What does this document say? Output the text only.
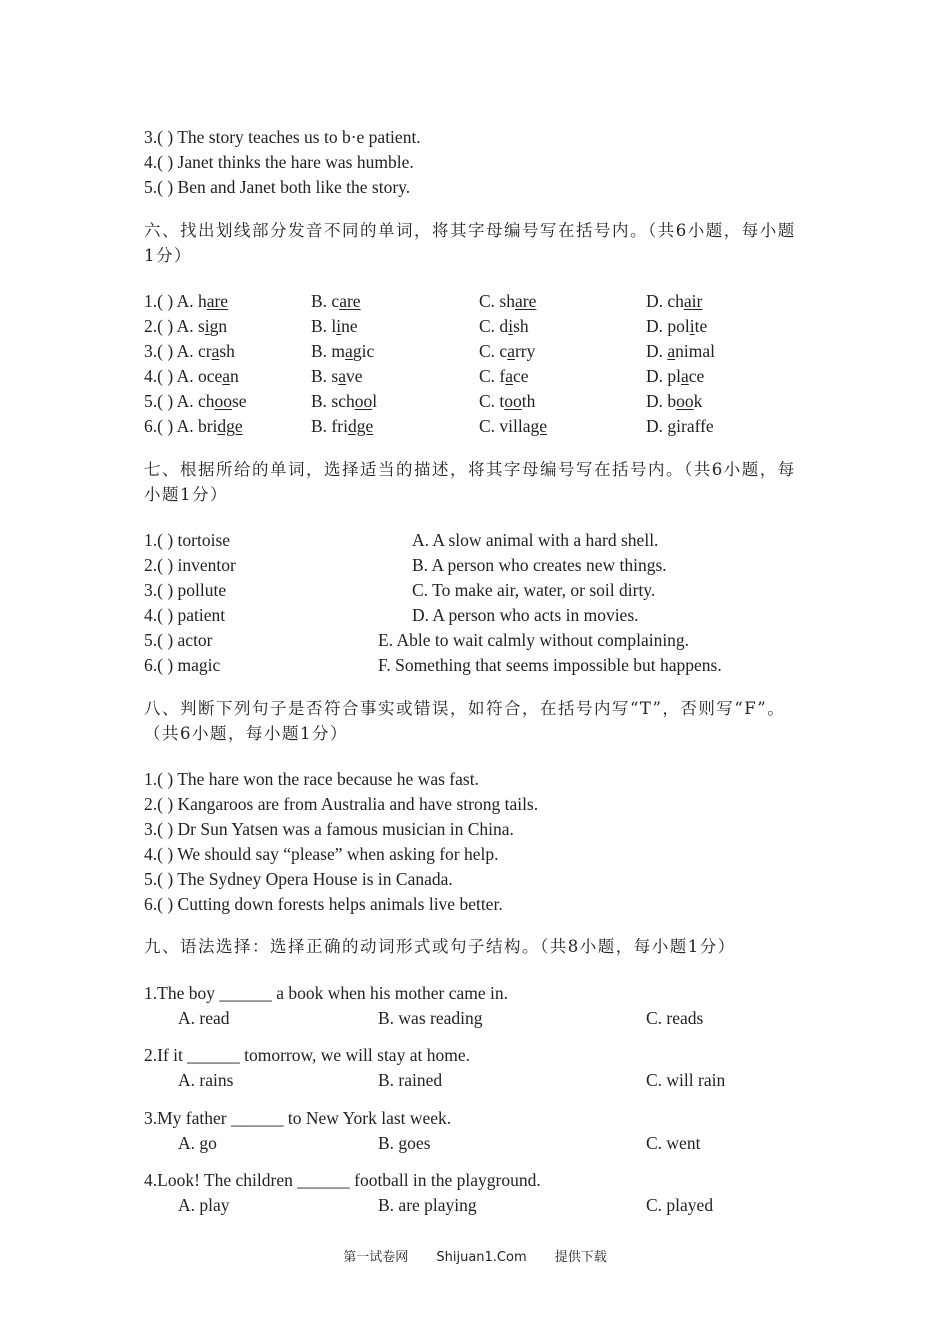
3.( ) The story teaches us to b·e patient.
4.( ) Janet thinks the hare was humble.
5.( ) Ben and Janet both like the story.
六、找出划线部分发音不同的单词，将其字母编号写在括号内。（共6小题，每小题1分）
1.( ) A. hare	B. care	C. share	D. chair
2.( ) A. sign	B. line	C. dish	D. polite
3.( ) A. crash	B. magic	C. carry	D. animal
4.( ) A. ocean	B. save	C. face	D. place
5.( ) A. choose	B. school	C. tooth	D. book
6.( ) A. bridge	B. fridge	C. village	D. giraffe
七、根据所给的单词，选择适当的描述，将其字母编号写在括号内。（共6小题，每小题1分）
1.( ) tortoise	A. A slow animal with a hard shell.
2.( ) inventor	B. A person who creates new things.
3.( ) pollute	C. To make air, water, or soil dirty.
4.( ) patient	D. A person who acts in movies.
5.( ) actor	E. Able to wait calmly without complaining.
6.( ) magic	F. Something that seems impossible but happens.
八、判断下列句子是否符合事实或错误，如符合，在括号内写“T”，否则写“F”。（共6小题，每小题1分）
1.( ) The hare won the race because he was fast.
2.( ) Kangaroos are from Australia and have strong tails.
3.( ) Dr Sun Yatsen was a famous musician in China.
4.( ) We should say “please” when asking for help.
5.( ) The Sydney Opera House is in Canada.
6.( ) Cutting down forests helps animals live better.
九、语法选择：选择正确的动词形式或句子结构。（共8小题，每小题1分）
1.The boy ______ a book when his mother came in.
A. read	B. was reading	C. reads
2.If it ______ tomorrow, we will stay at home.
A. rains	B. rained	C. will rain
3.My father ______ to New York last week.
A. go	B. goes	C. went
4.Look! The children ______ football in the playground.
A. play	B. are playing	C. played
第一试卷网 Shijuan1.Com 提供下载
